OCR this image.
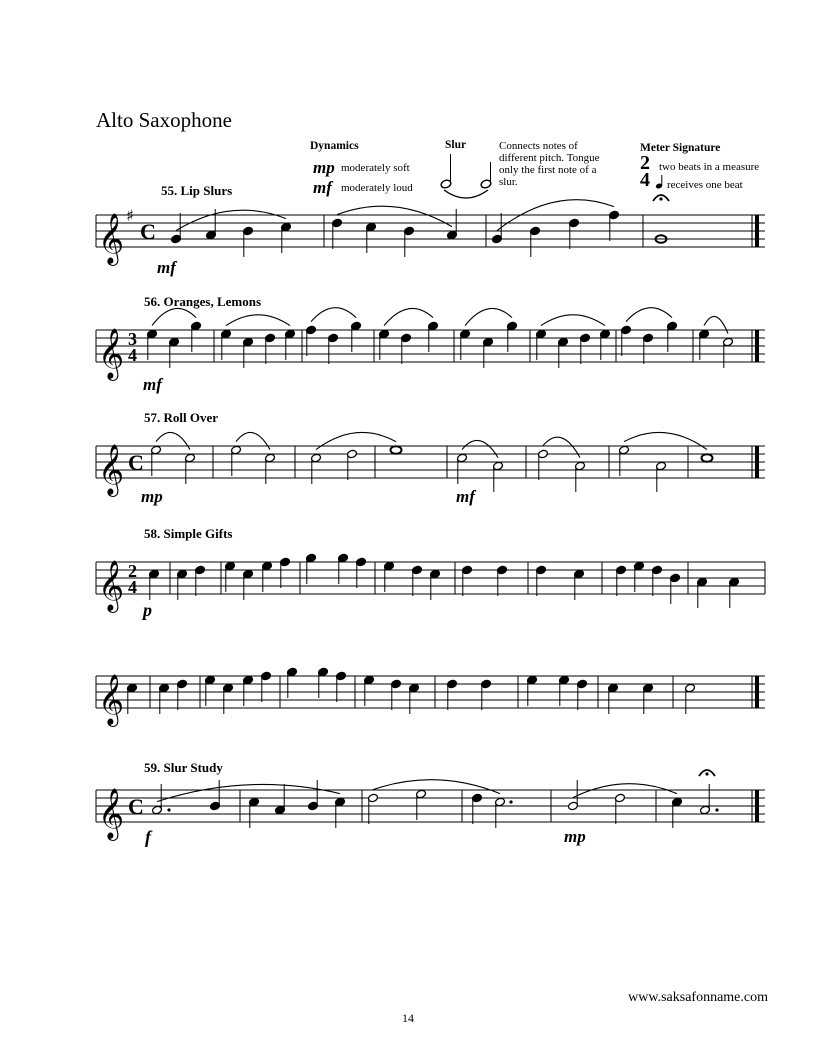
Alto Saxophone
Dynamics
mp moderately soft
mf moderately loud
Slur	Connects notes of
different pitch. Tongue
only the first note of a
slur.
Meter Signature
2
4
two beats in a measure
receives one beat
55. Lip Slurs
56. Oranges, Lemons
57. Roll Over
58. Simple Gifts
59. Slur Study
mf
mf
mp	mf
p
f	mp
𝄞 ♯
C
𝄞 3
4
𝄞 C
𝄞 2
4
𝄞
𝄞 C
www.saksafonname.com
14
